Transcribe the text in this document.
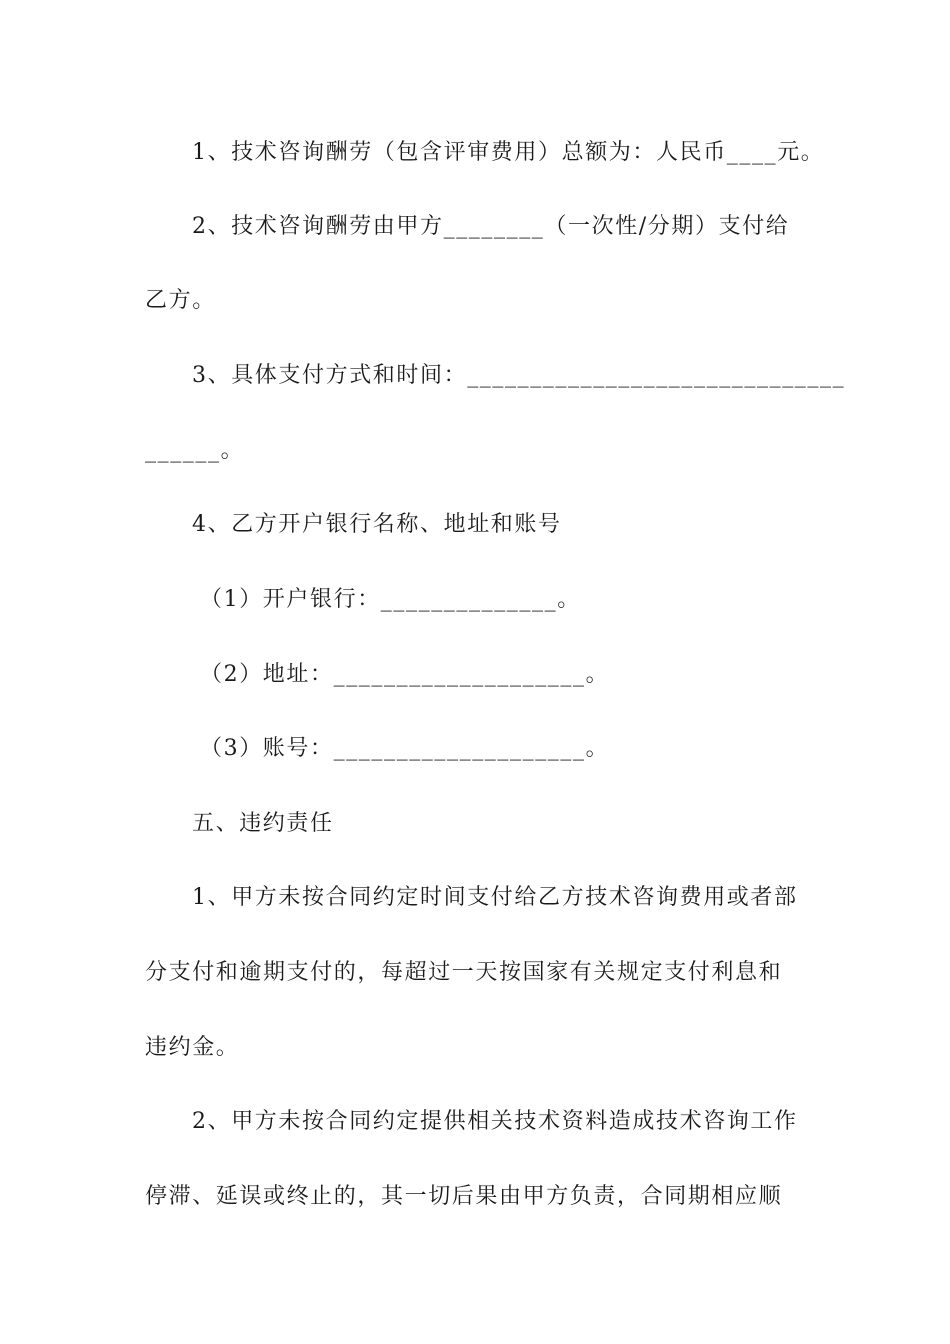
1、技术咨询酬劳（包含评审费用）总额为：人民币____元。
2、技术咨询酬劳由甲方________（一次性/分期）支付给
乙方。
3、具体支付方式和时间：______________________________
______。
4、乙方开户银行名称、地址和账号
（1）开户银行：______________。
（2）地址：____________________。
（3）账号：____________________。
五、违约责任
1、甲方未按合同约定时间支付给乙方技术咨询费用或者部
分支付和逾期支付的，每超过一天按国家有关规定支付利息和
违约金。
2、甲方未按合同约定提供相关技术资料造成技术咨询工作
停滞、延误或终止的，其一切后果由甲方负责，合同期相应顺
